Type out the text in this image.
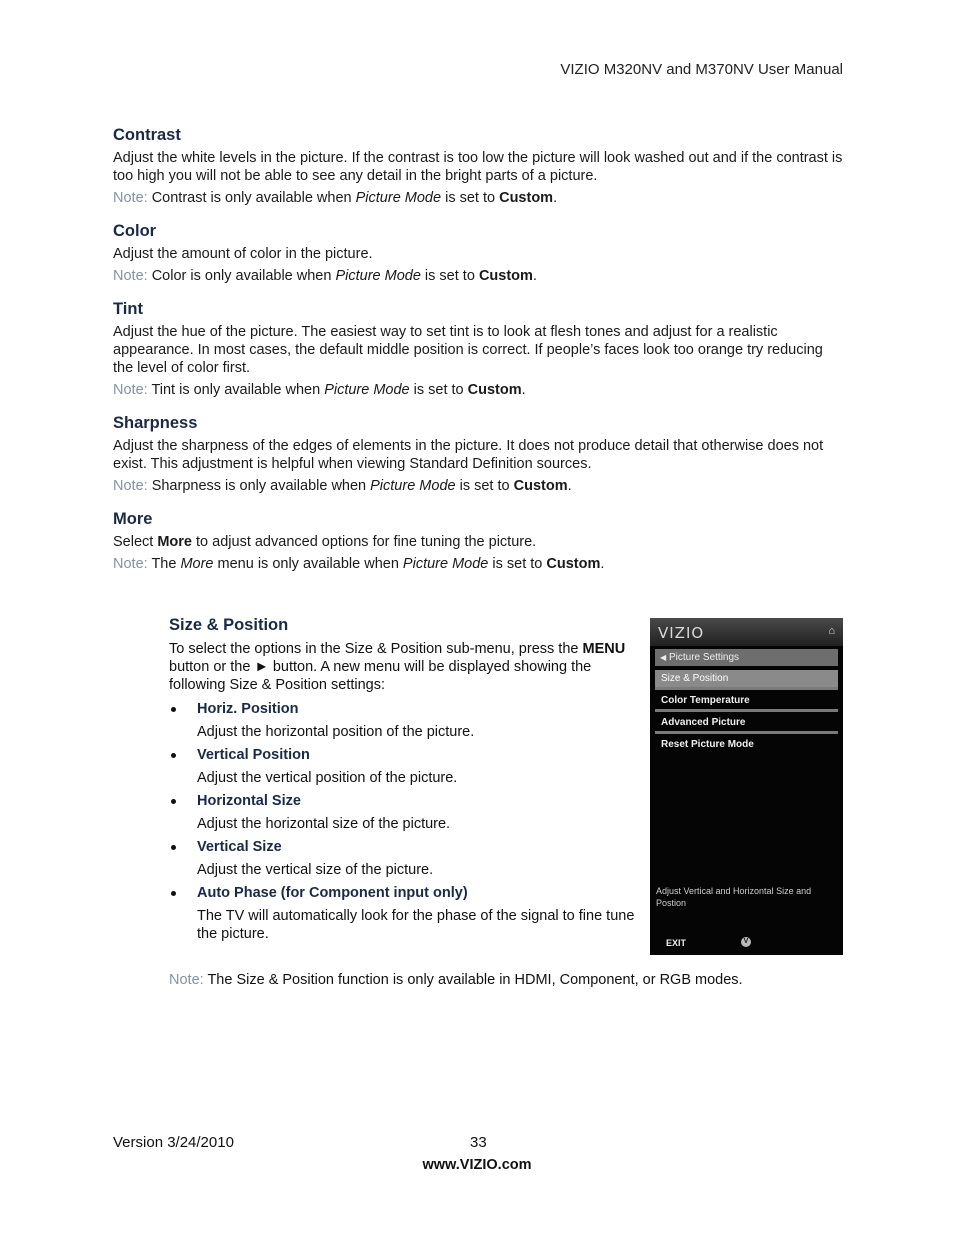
VIZIO M320NV and M370NV User Manual
Contrast

Adjust the white levels in the picture. If the contrast is too low the picture will look washed out and if the contrast is too high you will not be able to see any detail in the bright parts of a picture.

Note: Contrast is only available when Picture Mode is set to Custom.

Color

Adjust the amount of color in the picture.

Note: Color is only available when Picture Mode is set to Custom.

Tint

Adjust the hue of the picture. The easiest way to set tint is to look at flesh tones and adjust for a realistic appearance. In most cases, the default middle position is correct. If people’s faces look too orange try reducing the level of color first.

Note: Tint is only available when Picture Mode is set to Custom.

Sharpness

Adjust the sharpness of the edges of elements in the picture. It does not produce detail that otherwise does not exist. This adjustment is helpful when viewing Standard Definition sources.

Note: Sharpness is only available when Picture Mode is set to Custom.

More

Select More to adjust advanced options for fine tuning the picture.

Note: The More menu is only available when Picture Mode is set to Custom.

Size & Position

To select the options in the Size & Position sub-menu, press the MENU button or the ► button. A new menu will be displayed showing the following Size & Position settings:

Horiz. Position
Adjust the horizontal position of the picture.
Vertical Position
Adjust the vertical position of the picture.
Horizontal Size
Adjust the horizontal size of the picture.
Vertical Size
Adjust the vertical size of the picture.
Auto Phase (for Component input only)
The TV will automatically look for the phase of the signal to fine tune the picture.
VIZIO	⌂
◀ Picture Settings
Size & Position
Color Temperature
Advanced Picture
Reset Picture Mode
Adjust Vertical and Horizontal Size and Postion
EXIT	V
Note: The Size & Position function is only available in HDMI, Component, or RGB modes.
Version 3/24/2010	33
www.VIZIO.com
